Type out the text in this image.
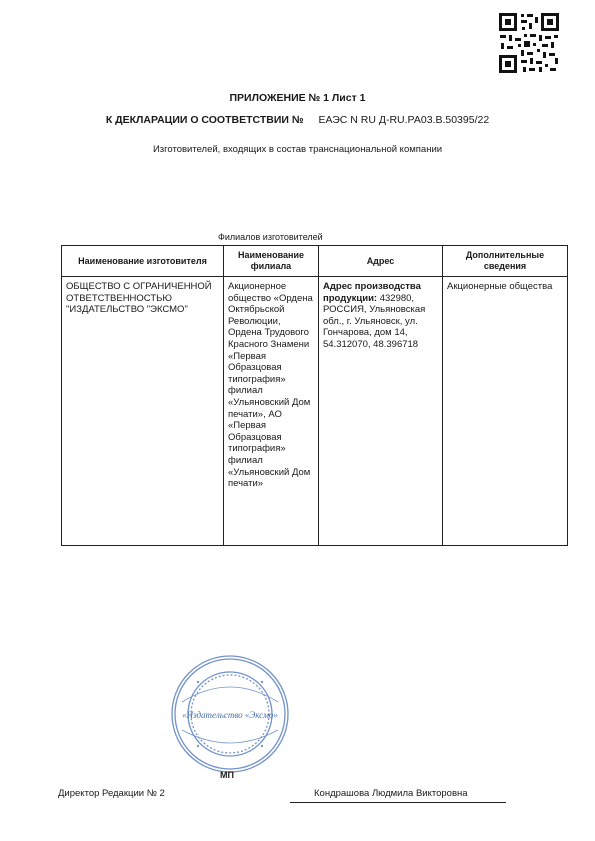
ПРИЛОЖЕНИЕ № 1 Лист 1
К ДЕКЛАРАЦИИ О СООТВЕТСТВИИ № ЕАЭС N RU Д-RU.РА03.В.50395/22
Изготовителей, входящих в состав транснациональной компании
Филиалов изготовителей
Наименование изготовителя	Наименование филиала	Адрес	Дополнительные сведения
ОБЩЕСТВО С ОГРАНИЧЕННОЙ ОТВЕТСТВЕННОСТЬЮ "ИЗДАТЕЛЬСТВО "ЭКСМО"	Акционерное общество «Ордена Октябрьской Революции, Ордена Трудового Красного Знамени «Первая Образцовая типография» филиал «Ульяновский Дом печати», АО «Первая Образцовая типография» филиал «Ульяновский Дом печати»	Адрес производства продукции: 432980, РОССИЯ, Ульяновская обл., г. Ульяновск, ул. Гончарова, дом 14, 54.312070, 48.396718	Акционерные общества
«Издательство «Эксмо»
МП
Директор Редакции № 2	Кондрашова Людмила Викторовна
